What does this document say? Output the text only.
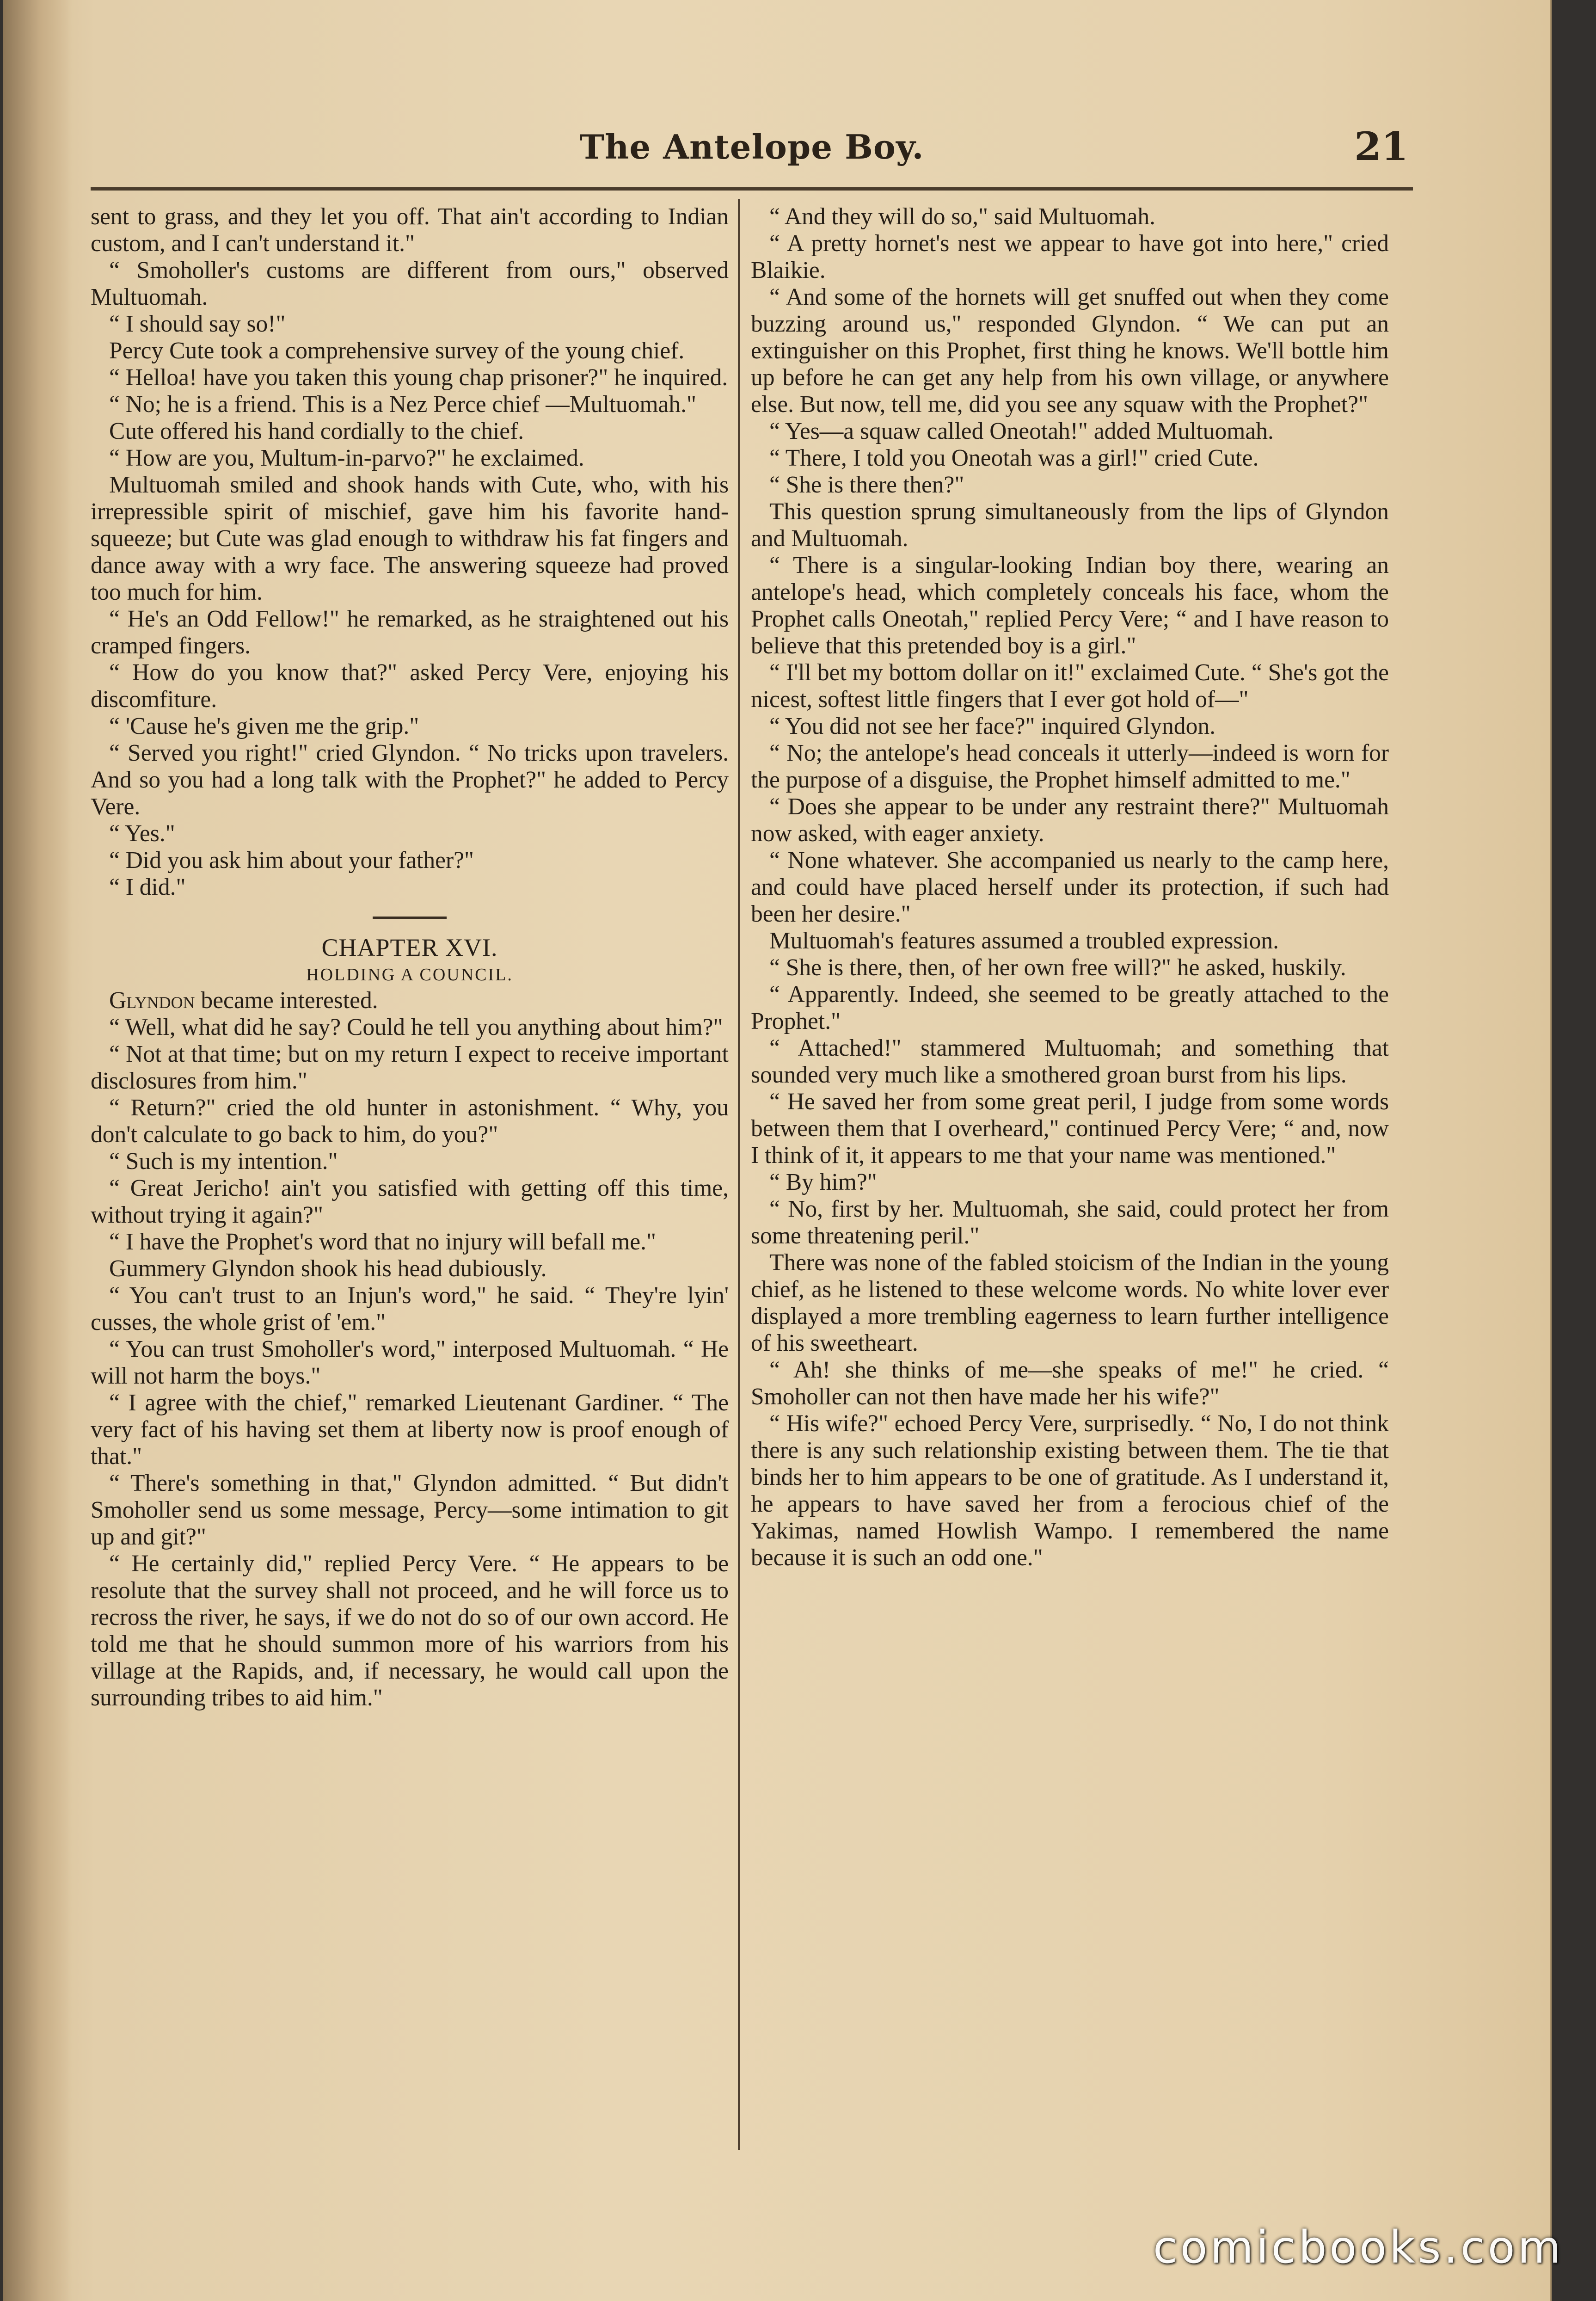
The Antelope Boy.	21

sent to grass, and they let you off. That ain't according to Indian custom, and I can't understand it."

“ Smoholler's customs are different from ours," observed Multuomah.

“ I should say so!"

Percy Cute took a comprehensive survey of the young chief.

“ Helloa! have you taken this young chap prisoner?" he inquired.

“ No; he is a friend. This is a Nez Perce chief —Multuomah."

Cute offered his hand cordially to the chief.

“ How are you, Multum-in-parvo?" he exclaimed.

Multuomah smiled and shook hands with Cute, who, with his irrepressible spirit of mischief, gave him his favorite hand-squeeze; but Cute was glad enough to withdraw his fat fingers and dance away with a wry face. The answering squeeze had proved too much for him.

“ He's an Odd Fellow!" he remarked, as he straightened out his cramped fingers.

“ How do you know that?" asked Percy Vere, enjoying his discomfiture.

“ 'Cause he's given me the grip."

“ Served you right!" cried Glyndon. “ No tricks upon travelers. And so you had a long talk with the Prophet?" he added to Percy Vere.

“ Yes."

“ Did you ask him about your father?"

“ I did."

CHAPTER XVI.

HOLDING A COUNCIL.

Glyndon became interested.

“ Well, what did he say? Could he tell you anything about him?"

“ Not at that time; but on my return I expect to receive important disclosures from him."

“ Return?" cried the old hunter in astonishment. “ Why, you don't calculate to go back to him, do you?"

“ Such is my intention."

“ Great Jericho! ain't you satisfied with getting off this time, without trying it again?"

“ I have the Prophet's word that no injury will befall me."

Gummery Glyndon shook his head dubiously.

“ You can't trust to an Injun's word," he said. “ They're lyin' cusses, the whole grist of 'em."

“ You can trust Smoholler's word," interposed Multuomah. “ He will not harm the boys."

“ I agree with the chief," remarked Lieutenant Gardiner. “ The very fact of his having set them at liberty now is proof enough of that."

“ There's something in that," Glyndon admitted. “ But didn't Smoholler send us some message, Percy—some intimation to git up and git?"

“ He certainly did," replied Percy Vere. “ He appears to be resolute that the survey shall not proceed, and he will force us to recross the river, he says, if we do not do so of our own accord. He told me that he should summon more of his warriors from his village at the Rapids, and, if necessary, he would call upon the surrounding tribes to aid him."

“ And they will do so," said Multuomah.

“ A pretty hornet's nest we appear to have got into here," cried Blaikie.

“ And some of the hornets will get snuffed out when they come buzzing around us," responded Glyndon. “ We can put an extinguisher on this Prophet, first thing he knows. We'll bottle him up before he can get any help from his own village, or anywhere else. But now, tell me, did you see any squaw with the Prophet?"

“ Yes—a squaw called Oneotah!" added Multuomah.

“ There, I told you Oneotah was a girl!" cried Cute.

“ She is there then?"

This question sprung simultaneously from the lips of Glyndon and Multuomah.

“ There is a singular-looking Indian boy there, wearing an antelope's head, which completely conceals his face, whom the Prophet calls Oneotah," replied Percy Vere; “ and I have reason to believe that this pretended boy is a girl."

“ I'll bet my bottom dollar on it!" exclaimed Cute. “ She's got the nicest, softest little fingers that I ever got hold of—"

“ You did not see her face?" inquired Glyndon.

“ No; the antelope's head conceals it utterly—indeed is worn for the purpose of a disguise, the Prophet himself admitted to me."

“ Does she appear to be under any restraint there?" Multuomah now asked, with eager anxiety.

“ None whatever. She accompanied us nearly to the camp here, and could have placed herself under its protection, if such had been her desire."

Multuomah's features assumed a troubled expression.

“ She is there, then, of her own free will?" he asked, huskily.

“ Apparently. Indeed, she seemed to be greatly attached to the Prophet."

“ Attached!" stammered Multuomah; and something that sounded very much like a smothered groan burst from his lips.

“ He saved her from some great peril, I judge from some words between them that I overheard," continued Percy Vere; “ and, now I think of it, it appears to me that your name was mentioned."

“ By him?"

“ No, first by her. Multuomah, she said, could protect her from some threatening peril."

There was none of the fabled stoicism of the Indian in the young chief, as he listened to these welcome words. No white lover ever displayed a more trembling eagerness to learn further intelligence of his sweetheart.

“ Ah! she thinks of me—she speaks of me!" he cried. “ Smoholler can not then have made her his wife?"

“ His wife?" echoed Percy Vere, surprisedly. “ No, I do not think there is any such relationship existing between them. The tie that binds her to him appears to be one of gratitude. As I understand it, he appears to have saved her from a ferocious chief of the Yakimas, named Howlish Wampo. I remembered the name because it is such an odd one."

comicbooks.com
